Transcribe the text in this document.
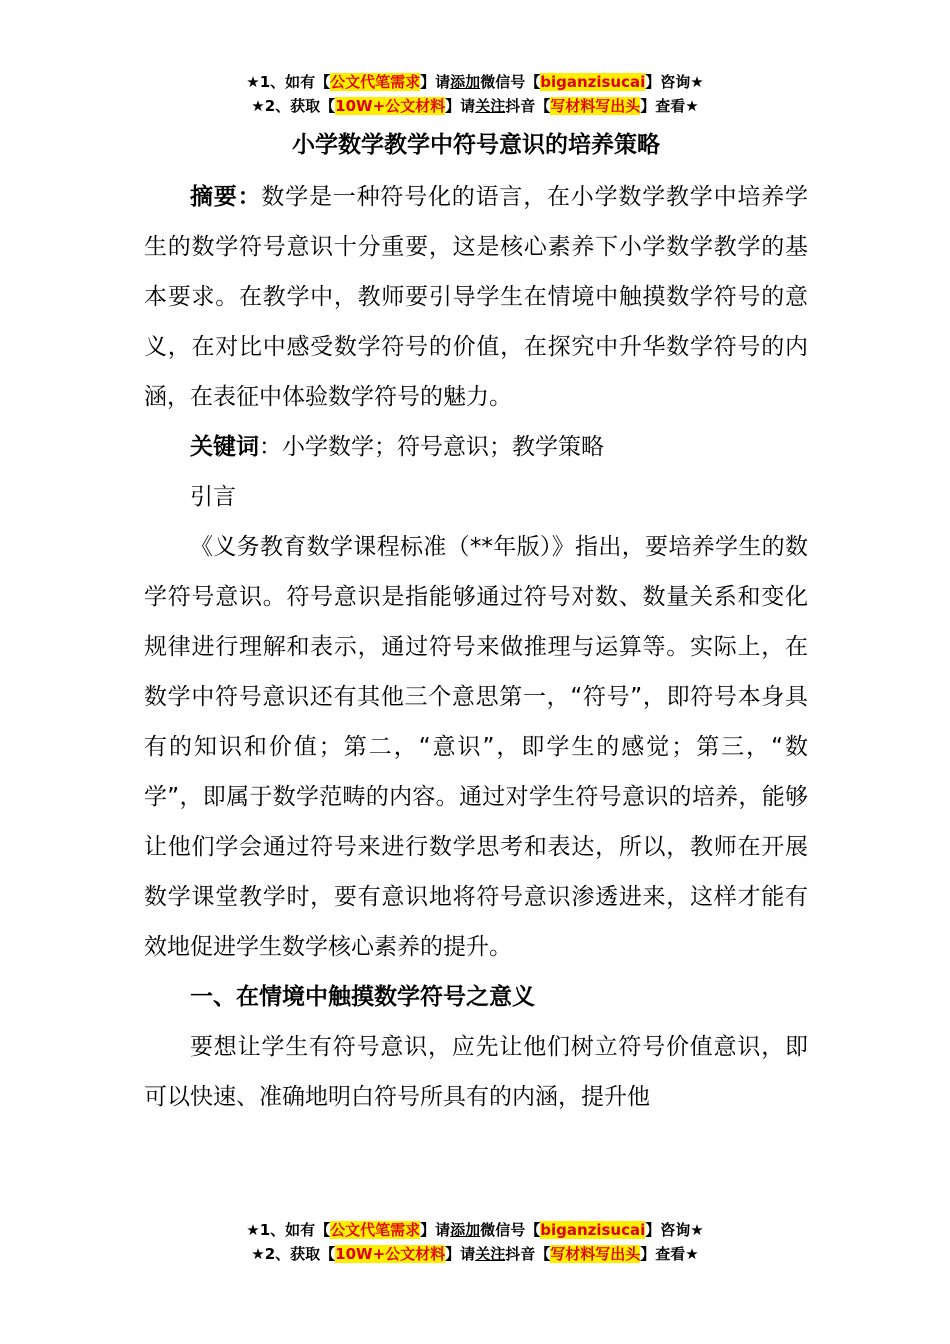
★1、如有【公文代笔需求】请添加微信号【biganzisucai】咨询★
★2、获取【10W+公文材料】请关注抖音【写材料写出头】查看★
小学数学教学中符号意识的培养策略

摘要：数学是一种符号化的语言，在小学数学教学中培养学生的数学符号意识十分重要，这是核心素养下小学数学教学的基本要求。在教学中，教师要引导学生在情境中触摸数学符号的意义，在对比中感受数学符号的价值，在探究中升华数学符号的内涵，在表征中体验数学符号的魅力。

关键词：小学数学；符号意识；教学策略

引言

《义务教育数学课程标准（**年版）》指出，要培养学生的数学符号意识。符号意识是指能够通过符号对数、数量关系和变化规律进行理解和表示，通过符号来做推理与运算等。实际上，在数学中符号意识还有其他三个意思第一，“符号”，即符号本身具有的知识和价值；第二，“意识”，即学生的感觉；第三，“数学”，即属于数学范畴的内容。通过对学生符号意识的培养，能够让他们学会通过符号来进行数学思考和表达，所以，教师在开展数学课堂教学时，要有意识地将符号意识渗透进来，这样才能有效地促进学生数学核心素养的提升。

一、在情境中触摸数学符号之意义

要想让学生有符号意识，应先让他们树立符号价值意识，即可以快速、准确地明白符号所具有的内涵，提升他

★1、如有【公文代笔需求】请添加微信号【biganzisucai】咨询★
★2、获取【10W+公文材料】请关注抖音【写材料写出头】查看★
